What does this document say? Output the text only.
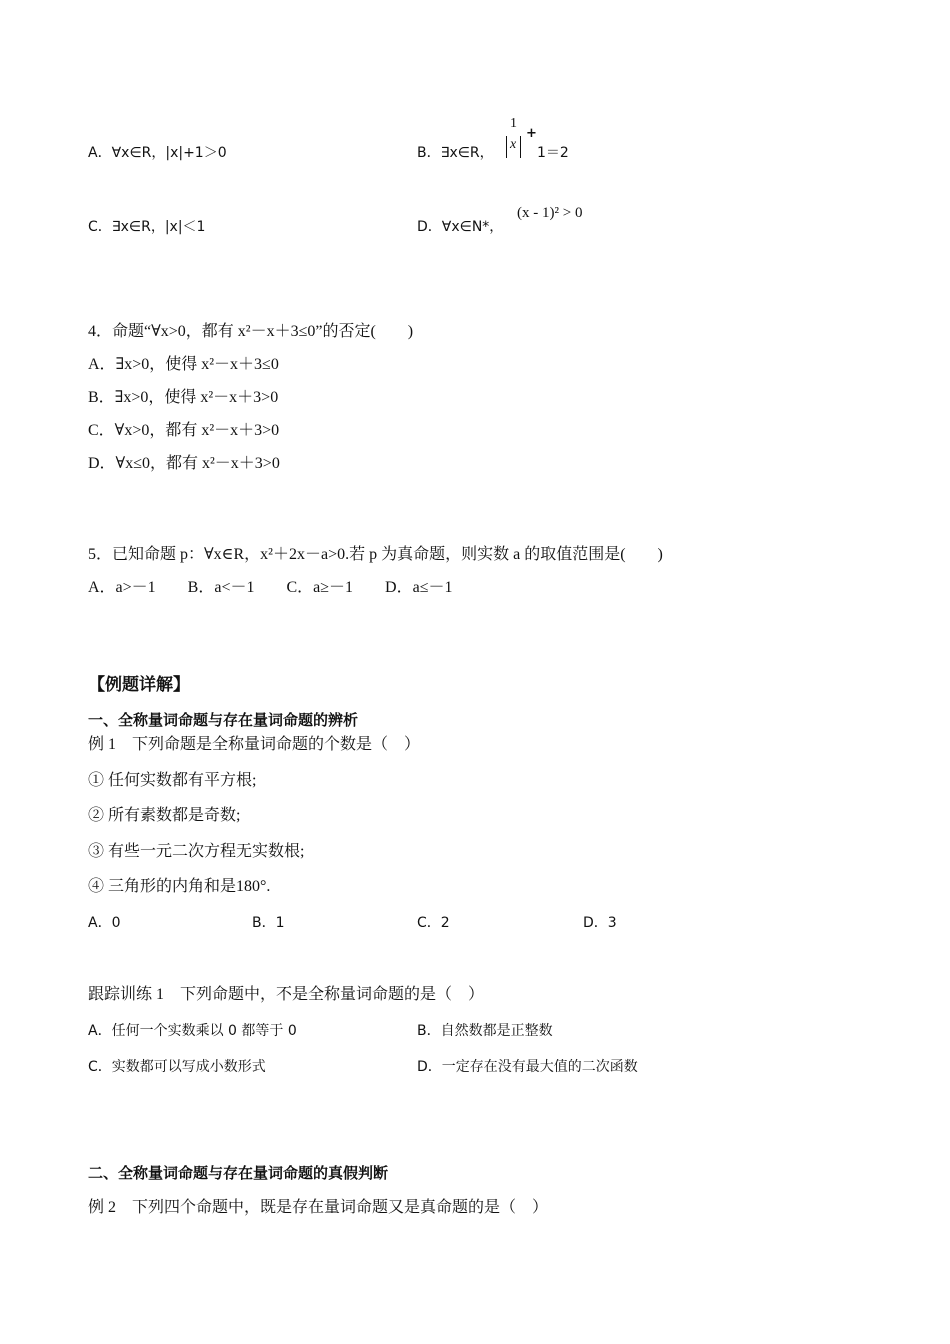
A．∀x∈R，|x|+1＞0	B．∃x∈R，
1
x
+
1＝2
C．∃x∈R，|x|＜1	D．∀x∈N*，
(x - 1)² > 0
4．命题“∀x>0，都有 x²－x＋3≤0”的否定(　　)
A．∃x>0，使得 x²－x＋3≤0
B．∃x>0，使得 x²－x＋3>0
C．∀x>0，都有 x²－x＋3>0
D．∀x≤0，都有 x²－x＋3>0
5．已知命题 p：∀x∈R，x²＋2x－a>0.若 p 为真命题，则实数 a 的取值范围是(　　)
A．a>－1　　B．a<－1　　C．a≥－1　　D．a≤－1
【例题详解】
一、全称量词命题与存在量词命题的辨析
例 1　下列命题是全称量词命题的个数是（　）
① 任何实数都有平方根;
② 所有素数都是奇数;
③ 有些一元二次方程无实数根;
④ 三角形的内角和是180°.
A．0	B．1	C．2	D．3
跟踪训练 1　下列命题中，不是全称量词命题的是（　）
A．任何一个实数乘以 0 都等于 0	B．自然数都是正整数
C．实数都可以写成小数形式	D．一定存在没有最大值的二次函数
二、全称量词命题与存在量词命题的真假判断
例 2　下列四个命题中，既是存在量词命题又是真命题的是（　）
